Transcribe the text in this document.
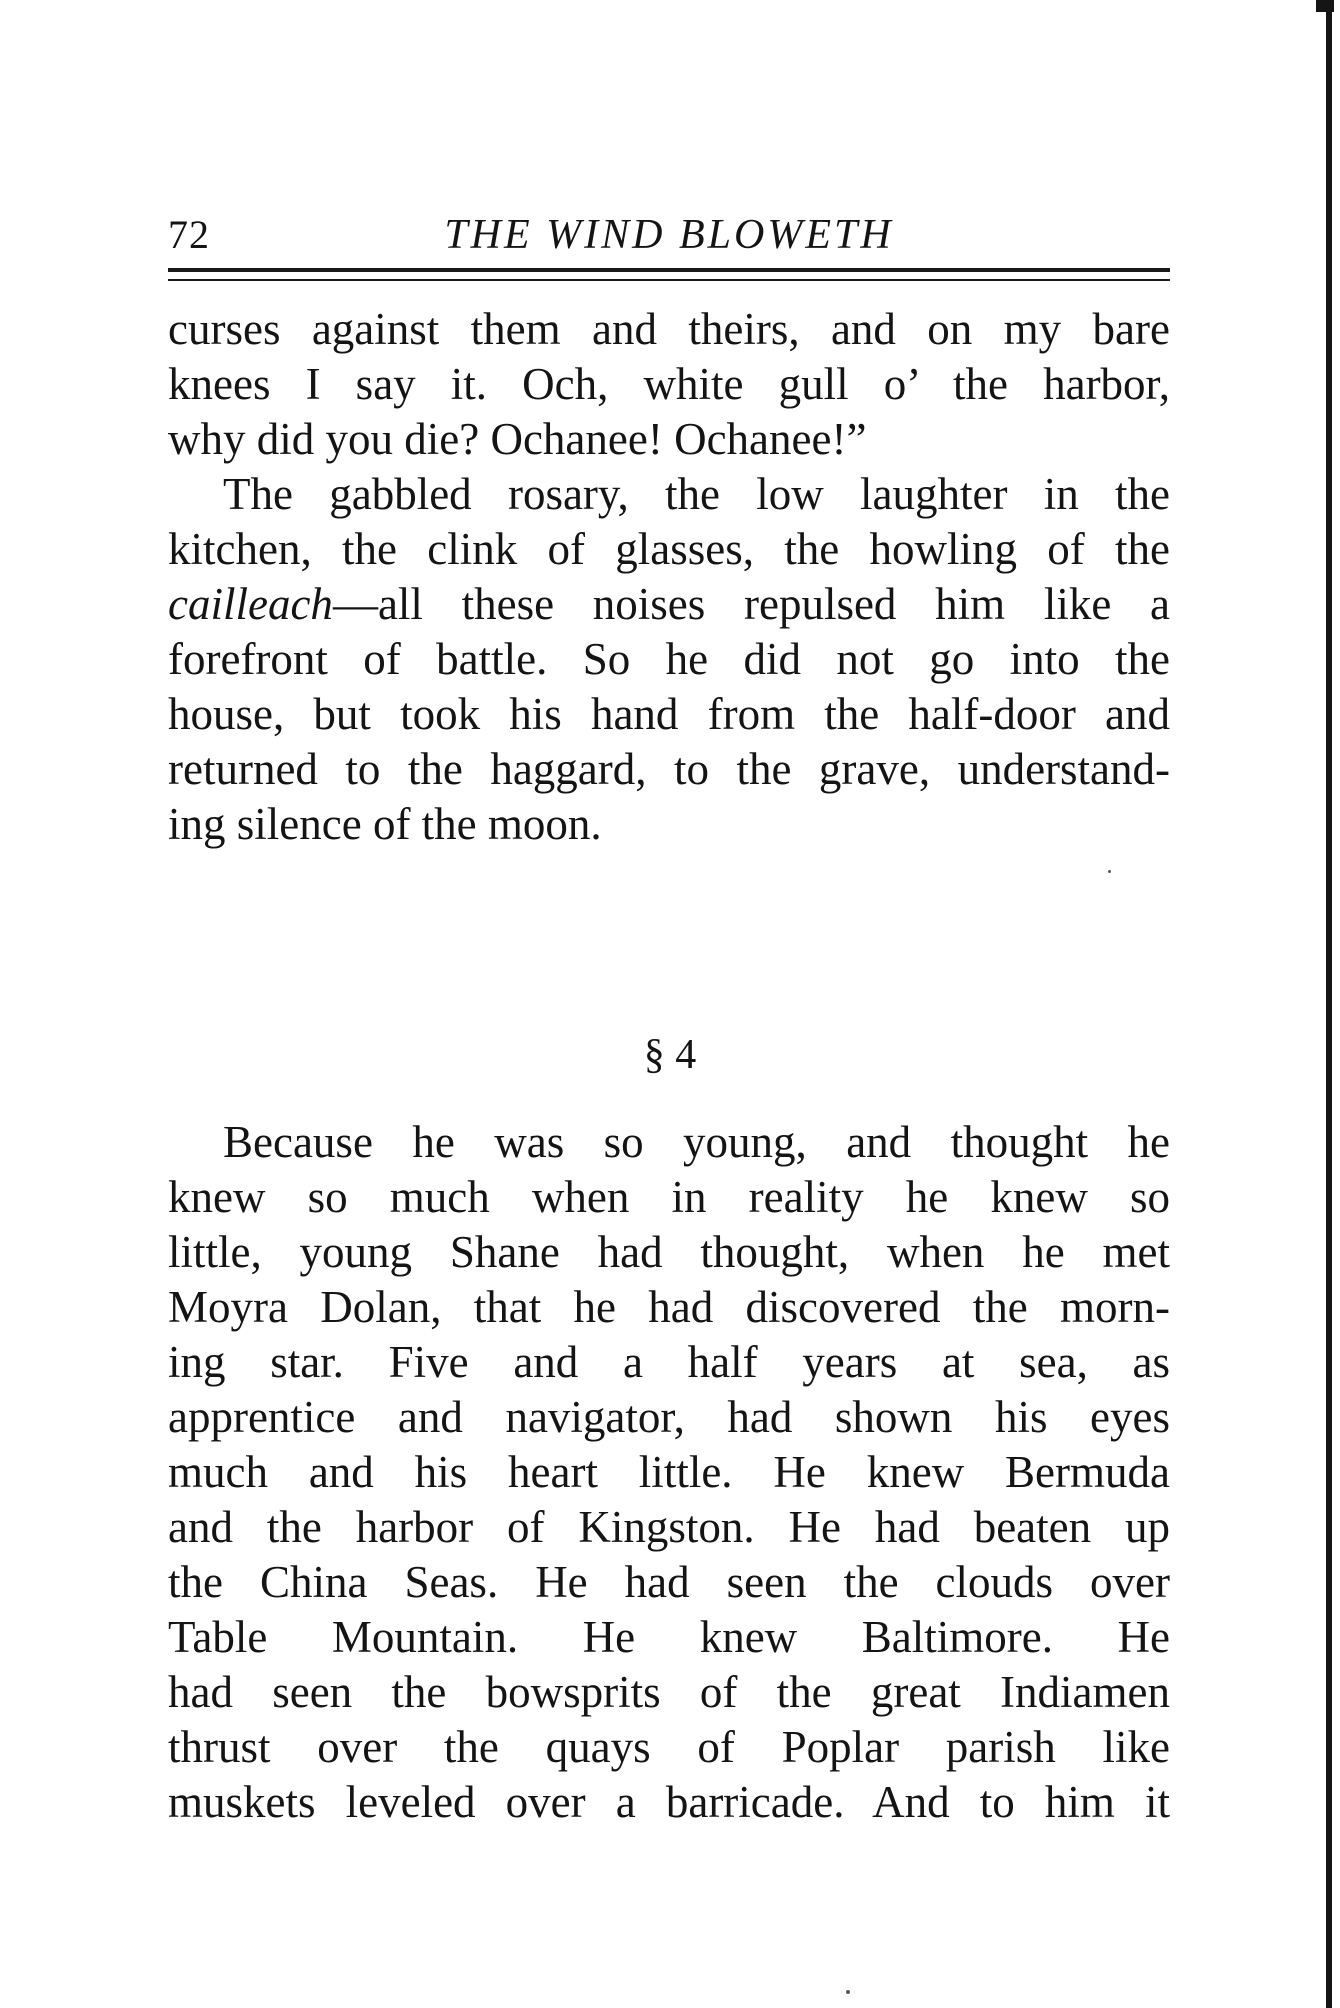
72	THE WIND BLOWETH
curses against them and theirs, and on my bare
knees I say it. Och, white gull o’ the harbor,
why did you die? Ochanee! Ochanee!”
The gabbled rosary, the low laughter in the
kitchen, the clink of glasses, the howling of the
cailleach—all these noises repulsed him like a
forefront of battle. So he did not go into the
house, but took his hand from the half-door and
returned to the haggard, to the grave, understand-
ing silence of the moon.
§ 4
Because he was so young, and thought he
knew so much when in reality he knew so
little, young Shane had thought, when he met
Moyra Dolan, that he had discovered the morn-
ing star. Five and a half years at sea, as
apprentice and navigator, had shown his eyes
much and his heart little. He knew Bermuda
and the harbor of Kingston. He had beaten up
the China Seas. He had seen the clouds over
Table Mountain. He knew Baltimore. He
had seen the bowsprits of the great Indiamen
thrust over the quays of Poplar parish like
muskets leveled over a barricade. And to him it
